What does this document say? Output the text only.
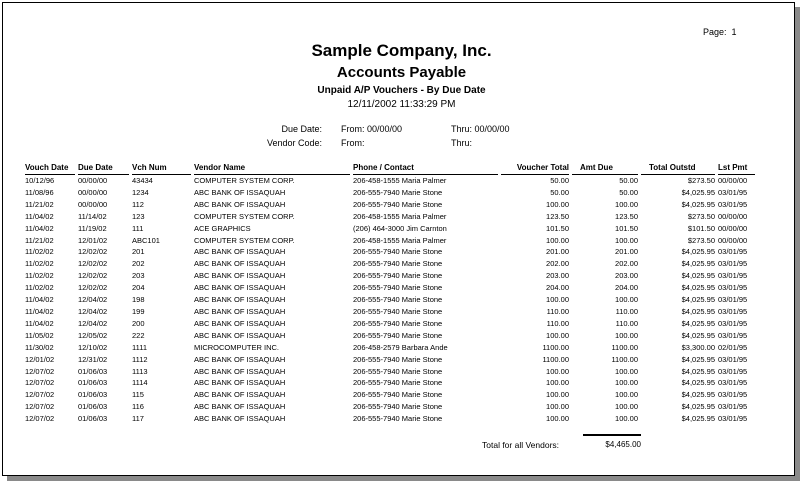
Page: 1
Sample Company, Inc.
Accounts Payable
Unpaid A/P Vouchers - By Due Date
12/11/2002 11:33:29 PM
Due Date: From: 00/00/00	Thru: 00/00/00
Vendor Code: From:	Thru:
Vouch Date	Due Date	Vch Num	Vendor Name	Phone / Contact	Voucher Total	Amt Due	Total Outstd	Lst Pmt
10/12/96	00/00/00	43434	COMPUTER SYSTEM CORP.	206-458-1555 Maria Palmer	50.00	50.00	$273.50	00/00/00
11/08/96	00/00/00	1234	ABC BANK OF ISSAQUAH	206-555-7940 Marie Stone	50.00	50.00	$4,025.95	03/01/95
11/21/02	00/00/00	112	ABC BANK OF ISSAQUAH	206-555-7940 Marie Stone	100.00	100.00	$4,025.95	03/01/95
11/04/02	11/14/02	123	COMPUTER SYSTEM CORP.	206-458-1555 Maria Palmer	123.50	123.50	$273.50	00/00/00
11/04/02	11/19/02	111	ACE GRAPHICS	(206) 464-3000 Jim Carnton	101.50	101.50	$101.50	00/00/00
11/21/02	12/01/02	ABC101	COMPUTER SYSTEM CORP.	206-458-1555 Maria Palmer	100.00	100.00	$273.50	00/00/00
11/02/02	12/02/02	201	ABC BANK OF ISSAQUAH	206-555-7940 Marie Stone	201.00	201.00	$4,025.95	03/01/95
11/02/02	12/02/02	202	ABC BANK OF ISSAQUAH	206-555-7940 Marie Stone	202.00	202.00	$4,025.95	03/01/95
11/02/02	12/02/02	203	ABC BANK OF ISSAQUAH	206-555-7940 Marie Stone	203.00	203.00	$4,025.95	03/01/95
11/02/02	12/02/02	204	ABC BANK OF ISSAQUAH	206-555-7940 Marie Stone	204.00	204.00	$4,025.95	03/01/95
11/04/02	12/04/02	198	ABC BANK OF ISSAQUAH	206-555-7940 Marie Stone	100.00	100.00	$4,025.95	03/01/95
11/04/02	12/04/02	199	ABC BANK OF ISSAQUAH	206-555-7940 Marie Stone	110.00	110.00	$4,025.95	03/01/95
11/04/02	12/04/02	200	ABC BANK OF ISSAQUAH	206-555-7940 Marie Stone	110.00	110.00	$4,025.95	03/01/95
11/05/02	12/05/02	222	ABC BANK OF ISSAQUAH	206-555-7940 Marie Stone	100.00	100.00	$4,025.95	03/01/95
11/30/02	12/10/02	1111	MICROCOMPUTER INC.	206-458-2579 Barbara Ande	1100.00	1100.00	$3,300.00	02/01/95
12/01/02	12/31/02	1112	ABC BANK OF ISSAQUAH	206-555-7940 Marie Stone	1100.00	1100.00	$4,025.95	03/01/95
12/07/02	01/06/03	1113	ABC BANK OF ISSAQUAH	206-555-7940 Marie Stone	100.00	100.00	$4,025.95	03/01/95
12/07/02	01/06/03	1114	ABC BANK OF ISSAQUAH	206-555-7940 Marie Stone	100.00	100.00	$4,025.95	03/01/95
12/07/02	01/06/03	115	ABC BANK OF ISSAQUAH	206-555-7940 Marie Stone	100.00	100.00	$4,025.95	03/01/95
12/07/02	01/06/03	116	ABC BANK OF ISSAQUAH	206-555-7940 Marie Stone	100.00	100.00	$4,025.95	03/01/95
12/07/02	01/06/03	117	ABC BANK OF ISSAQUAH	206-555-7940 Marie Stone	100.00	100.00	$4,025.95	03/01/95
Total for all Vendors:	$4,465.00
